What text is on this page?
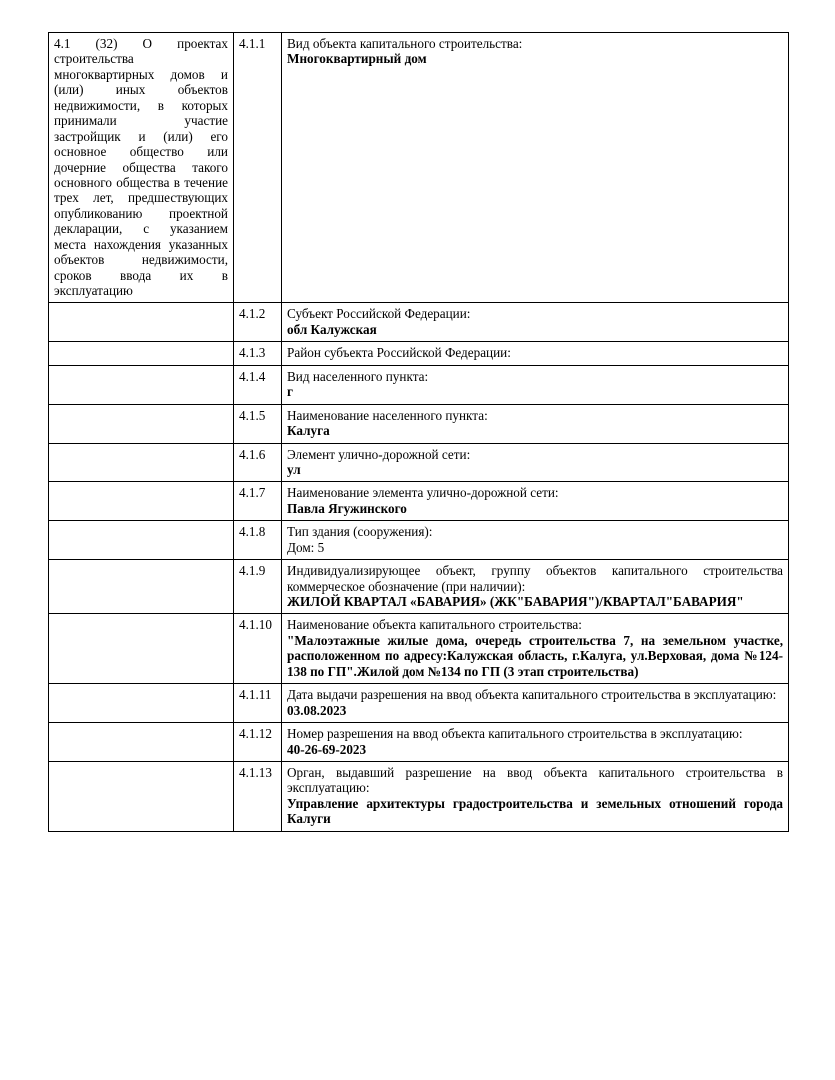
4.1 (32) О проектах строительства многоквартирных домов и (или) иных объектов недвижимости, в которых принимали участие застройщик и (или) его основное общество или дочерние общества такого основного общества в течение трех лет, предшествующих опубликованию проектной декларации, с указанием места нахождения указанных объектов недвижимости, сроков ввода их в эксплуатацию	4.1.1	Вид объекта капитального строительства:
Многоквартирный дом

	4.1.2	Субъект Российской Федерации:
обл Калужская

	4.1.3	Район субъекта Российской Федерации:

	4.1.4	Вид населенного пункта:
г

	4.1.5	Наименование населенного пункта:
Калуга

	4.1.6	Элемент улично-дорожной сети:
ул

	4.1.7	Наименование элемента улично-дорожной сети:
Павла Ягужинского

	4.1.8	Тип здания (сооружения):
Дом: 5

	4.1.9	Индивидуализирующее объект, группу объектов капитального строительства коммерческое обозначение (при наличии):
ЖИЛОЙ КВАРТАЛ «БАВАРИЯ» (ЖК"БАВАРИЯ")/КВАРТАЛ"БАВАРИЯ"

	4.1.10	Наименование объекта капитального строительства:
"Малоэтажные жилые дома, очередь строительства 7, на земельном участке, расположенном по адресу:Калужская область, г.Калуга, ул.Верховая, дома №124-138 по ГП".Жилой дом №134 по ГП (3 этап строительства)

	4.1.11	Дата выдачи разрешения на ввод объекта капитального строительства в эксплуатацию:
03.08.2023

	4.1.12	Номер разрешения на ввод объекта капитального строительства в эксплуатацию:
40-26-69-2023

	4.1.13	Орган, выдавший разрешение на ввод объекта капитального строительства в эксплуатацию:
Управление архитектуры градостроительства и земельных отношений города Калуги
